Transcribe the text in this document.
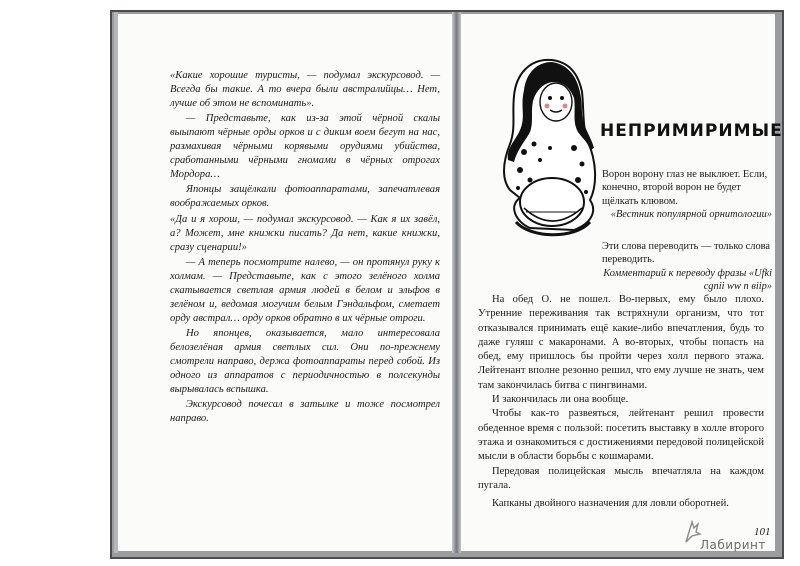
«Какие хорошие туристы, — подумал экскурсовод. — Всегда бы такие. А то вчера были австралийцы… Нет, лучше об этом не вспоминать».

— Представьте, как из-за этой чёрной скалы выыпают чёрные орды орков и с диким воем бегут на нас, размахивая чёрными корявыми орудиями убийства, сработанными чёрными гномами в чёрных отрогах Мордора…

Японцы защёлкали фотоаппаратами, запечатлевая воображаемых орков.

«Да и я хорош, — подумал экскурсовод. — Как я их завёл, а? Может, мне книжки писать? Да нет, какие книжки, сразу сценарии!»

— А теперь посмотрите налево, — он протянул руку к холмам. — Представьте, как с этого зелёного холма скатывается светлая армия людей в белом и эльфов в зелёном и, ведомая могучим белым Гэндальфом, сметает орду австрал… орду орков обратно в их чёрные отроги.

Но японцев, оказывается, мало интересовала белозелёная армия светлых сил. Они по-прежнему смотрели направо, держа фотоаппараты перед собой. Из одного из аппаратов с периодичностью в полсекунды вырывалась вспышка.

Экскурсовод почесал в затылке и тоже посмотрел направо.

НЕПРИМИРИМЫЕ
Ворон ворону глаз не выклюет. Если, конечно, второй ворон не будет щёлкать клювом.
«Вестник популярной орнитологии»
Эти слова переводить — только слова переводить.
Комментарий к переводу фразы «Ufki cgnii ww n віір»

На обед О. не пошел. Во-первых, ему было плохо. Утренние переживания так встряхнули организм, что тот отказывался принимать ещё какие-либо впечатления, будь то даже гуляш с макаронами. А во-вторых, чтобы попасть на обед, ему пришлось бы пройти через холл первого этажа. Лейтенант вполне резонно решил, что ему лучше не знать, чем там закончилась битва с пингвинами.

И закончилась ли она вообще.

Чтобы как-то развеяться, лейтенант решил провести обеденное время с пользой: посетить выставку в холле второго этажа и ознакомиться с достижениями передовой полицейской мысли в области борьбы с кошмарами.

Передовая полицейская мысль впечатляла на каждом пугала.

Капканы двойного назначения для ловли оборотней.

101
Лабиринт
